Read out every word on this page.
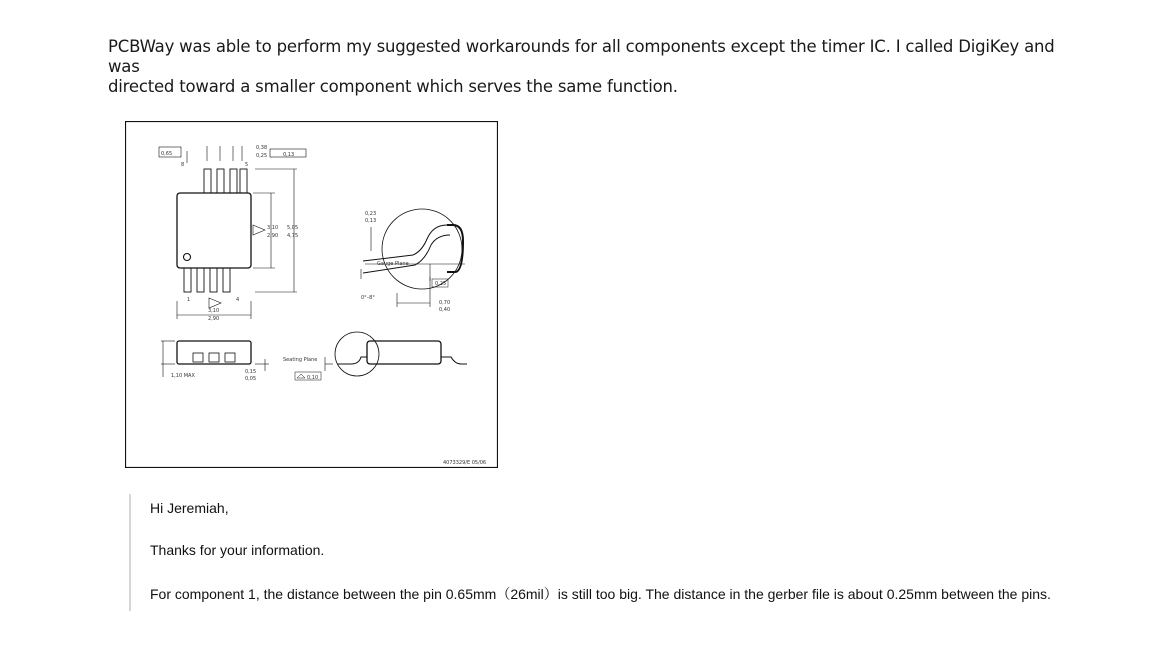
PCBWay was able to perform my suggested workarounds for all components except the timer IC. I called DigiKey and was
directed toward a smaller component which serves the same function.
0,65
0,38
0,25	0,13
8	5
1	4
3,10
2,90
5,05
4,75
3,10
2,90
0,23
0,13
Gauge Plane
0,25
0°–8°
0,70
0,40
1,10 MAX
0,15
0,05
Seating Plane
0,10
4073329/E 05/06

Hi Jeremiah,

Thanks for your information.

For component 1, the distance between the pin 0.65mm（26mil）is still too big. The distance in the gerber file is about 0.25mm between the pins.
